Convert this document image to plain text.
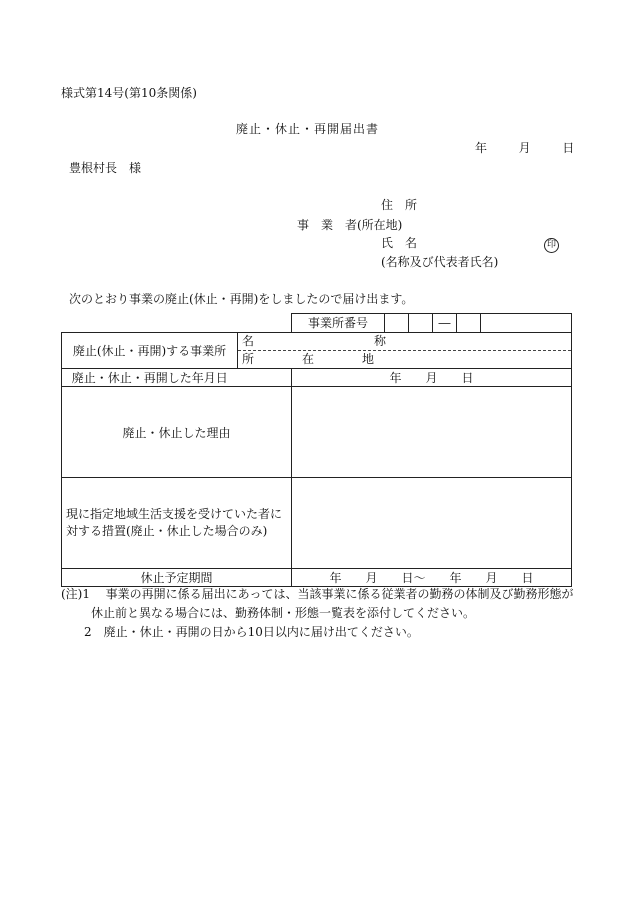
様式第14号(第10条関係)
廃止・休止・再開届出書
年	月	日
豊根村長　様
住　所
事　業　者(所在地)
氏　名	印
(名称及び代表者氏名)
次のとおり事業の廃止(休止・再開)をしましたので届け出ます。

		事業所番号 ―

廃止(休止・再開)する事業所	名　　　　　　　　　　称
所　　　　在　　　　地	

廃止・休止・再開した年月日		年　　月　　日
廃止・休止した理由		

現に指定地域生活支援を受けていた者に
対する措置(廃止・休止した場合のみ)		

休止予定期間		年　　月　　日〜　　年　　月　　日
(注)1 事業の再開に係る届出にあっては、当該事業に係る従業者の勤務の体制及び勤務形態が
休止前と異なる場合には、勤務体制・形態一覧表を添付してください。
2　廃止・休止・再開の日から10日以内に届け出てください。
